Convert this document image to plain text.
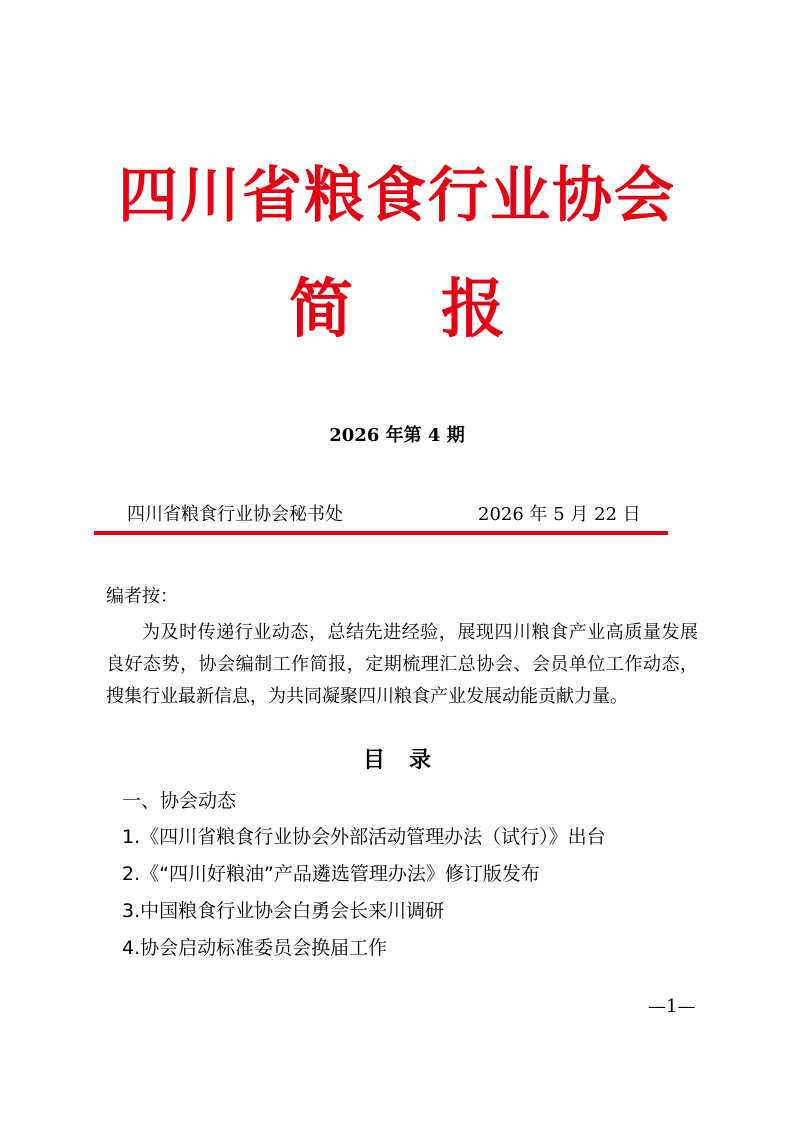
四川省粮食行业协会
简 报
2026 年第 4 期
四川省粮食行业协会秘书处	2026 年 5 月 22 日
编者按：
为及时传递行业动态，总结先进经验，展现四川粮食产业高质量发展良好态势，协会编制工作简报，定期梳理汇总协会、会员单位工作动态，搜集行业最新信息，为共同凝聚四川粮食产业发展动能贡献力量。
目 录
一、协会动态
1.《四川省粮食行业协会外部活动管理办法（试行）》出台
2.《“四川好粮油”产品遴选管理办法》修订版发布
3.中国粮食行业协会白勇会长来川调研
4.协会启动标准委员会换届工作
—1—
